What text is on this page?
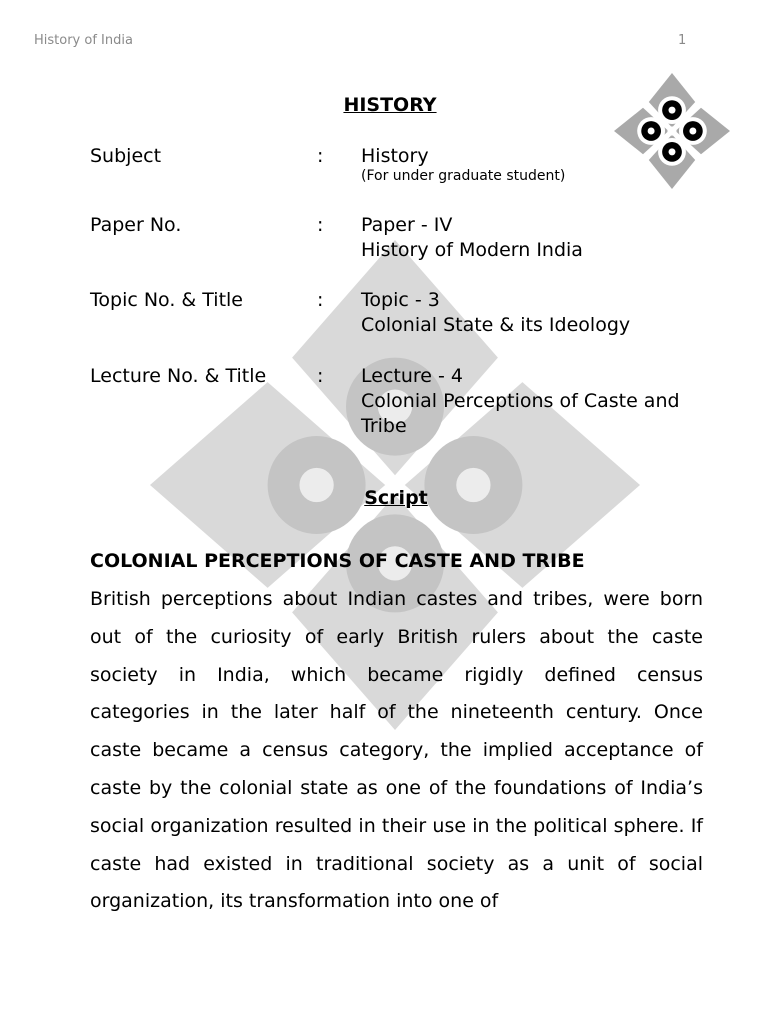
History of India	1
HISTORY
Subject	: History
(For under graduate student)
Paper No.	: Paper - IV
History of Modern India
Topic No. & Title	: Topic - 3
Colonial State & its Ideology
Lecture No. & Title	: Lecture - 4
Colonial Perceptions of Caste and
Tribe
Script
COLONIAL PERCEPTIONS OF CASTE AND TRIBE
British perceptions about Indian castes and tribes, were born out of the curiosity of early British rulers about the caste society in India, which became rigidly defined census categories in the later half of the nineteenth century. Once caste became a census category, the implied acceptance of caste by the colonial state as one of the foundations of India’s social organization resulted in their use in the political sphere. If caste had existed in traditional society as a unit of social organization, its transformation into one of
